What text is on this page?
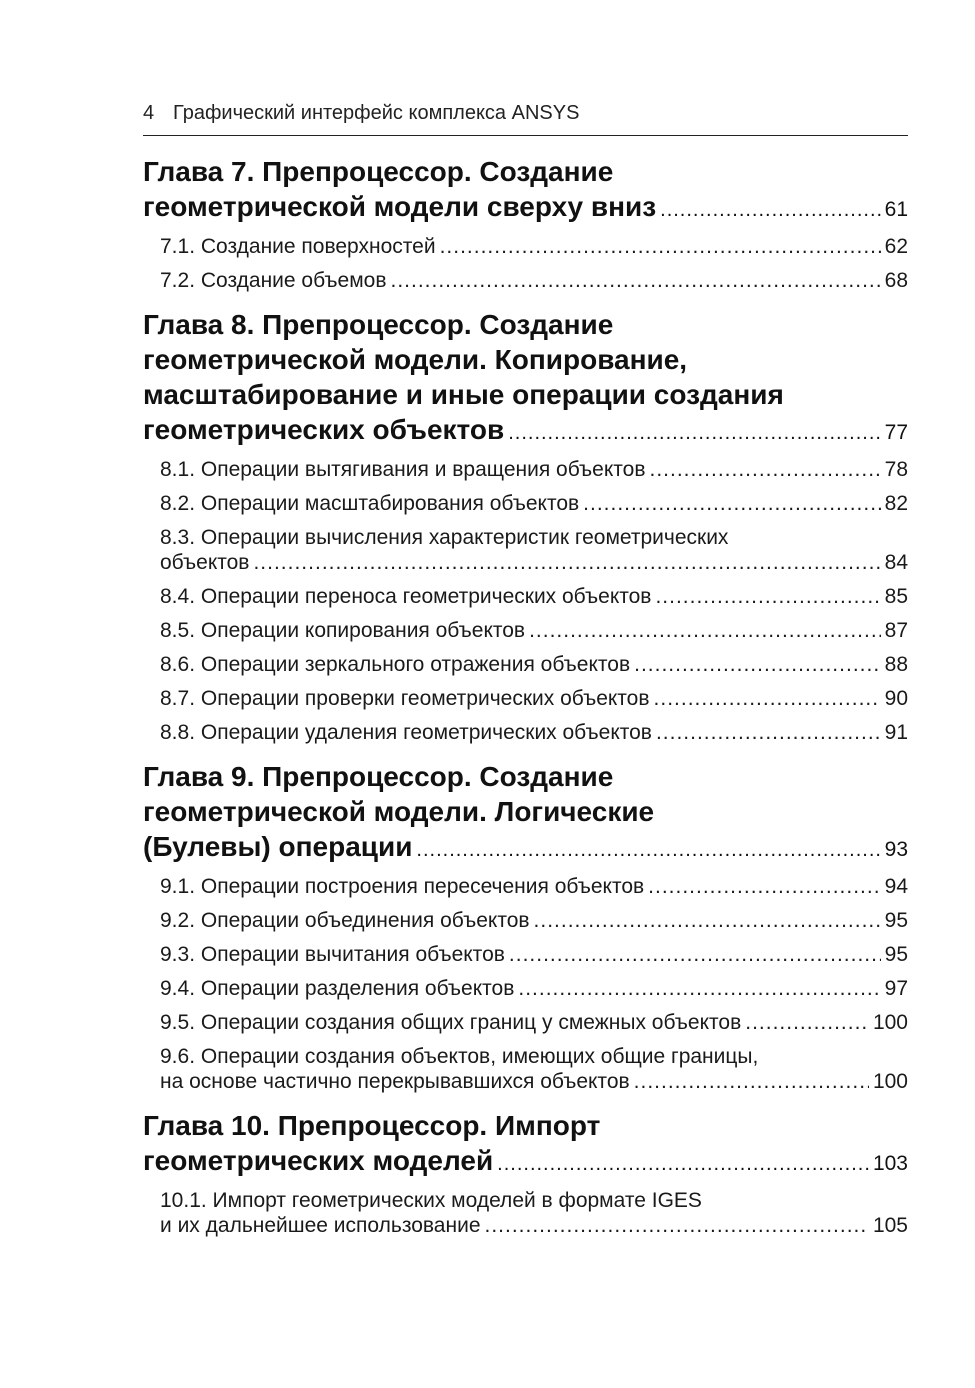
4 Графический интерфейс комплекса ANSYS
Глава 7. Препроцессор. Создание
геометрической модели сверху вниз .....	61
7.1. Создание поверхностей .....	62
7.2. Создание объемов .....	68
Глава 8. Препроцессор. Создание
геометрической модели. Копирование,
масштабирование и иные операции создания
геометрических объектов .....	77
8.1. Операции вытягивания и вращения объектов .....	78
8.2. Операции масштабирования объектов .....	82
8.3. Операции вычисления характеристик геометрических
объектов .....	84
8.4. Операции переноса геометрических объектов .....	85
8.5. Операции копирования объектов .....	87
8.6. Операции зеркального отражения объектов .....	88
8.7. Операции проверки геометрических объектов .....	90
8.8. Операции удаления геометрических объектов .....	91
Глава 9. Препроцессор. Создание
геометрической модели. Логические
(Булевы) операции .....	93
9.1. Операции построения пересечения объектов .....	94
9.2. Операции объединения объектов .....	95
9.3. Операции вычитания объектов .....	95
9.4. Операции разделения объектов .....	97
9.5. Операции создания общих границ у смежных объектов .....	100
9.6. Операции создания объектов, имеющих общие границы,
на основе частично перекрывавшихся объектов .....	100
Глава 10. Препроцессор. Импорт
геометрических моделей .....	103
10.1. Импорт геометрических моделей в формате IGES
и их дальнейшее использование .....	105
